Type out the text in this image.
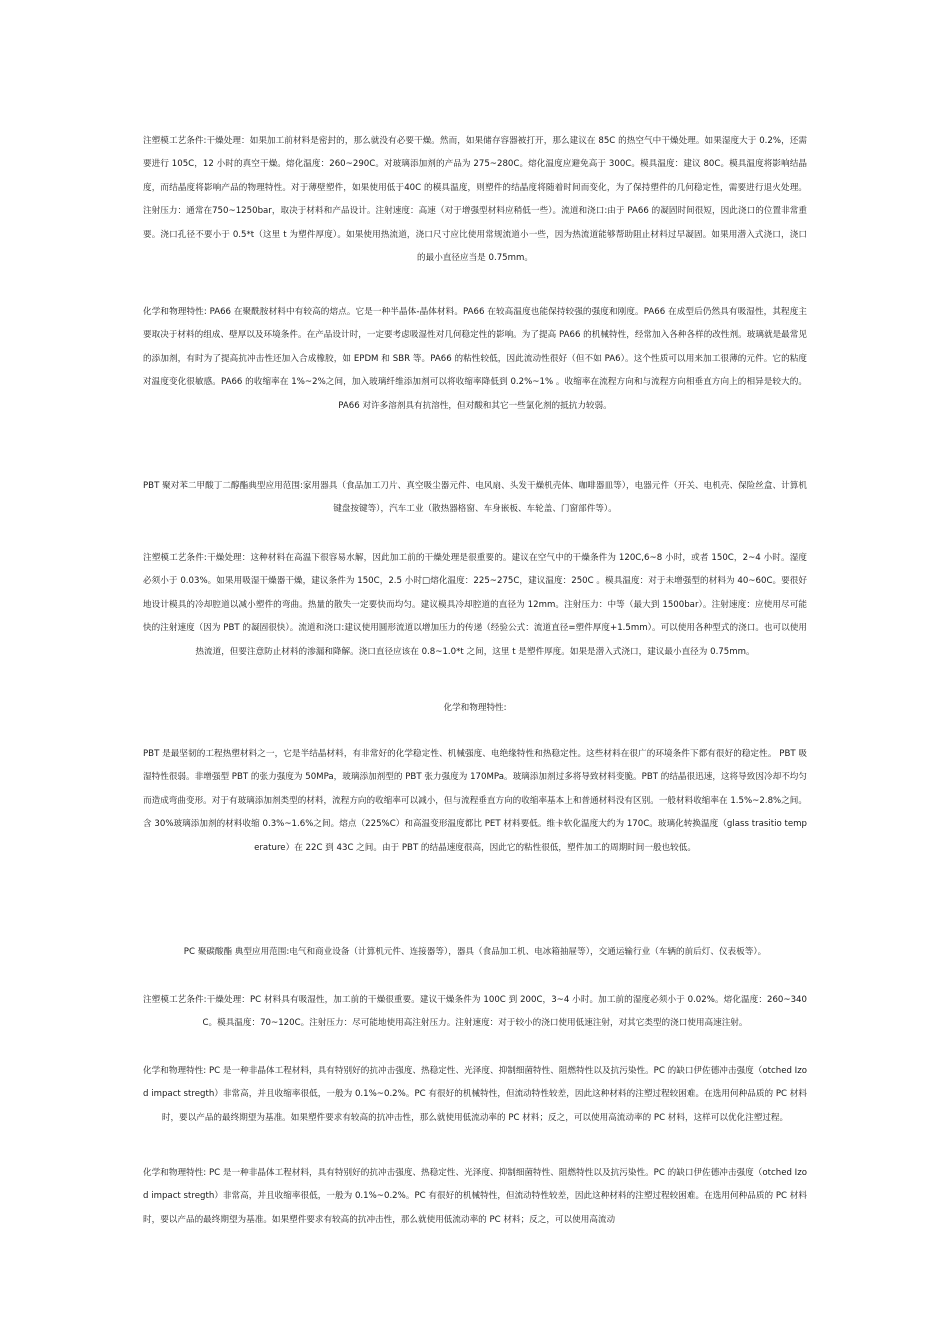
注塑模工艺条件:干燥处理：如果加工前材料是密封的，那么就没有必要干燥。然而，如果储存容器被打开，那么建议在 85C 的热空气中干燥处理。如果湿度大于 0.2%，还需要进行 105C，12 小时的真空干燥。熔化温度：260~290C。对玻璃添加剂的产品为 275~280C。熔化温度应避免高于 300C。模具温度：建议 80C。模具温度将影响结晶度，而结晶度将影响产品的物理特性。对于薄壁塑件，如果使用低于40C 的模具温度，则塑件的结晶度将随着时间而变化，为了保持塑件的几何稳定性，需要进行退火处理。注射压力：通常在750~1250bar，取决于材料和产品设计。注射速度：高速（对于增强型材料应稍低一些）。流道和浇口:由于 PA66 的凝固时间很短，因此浇口的位置非常重要。浇口孔径不要小于 0.5*t（这里 t 为塑件厚度）。如果使用热流道，浇口尺寸应比使用常规流道小一些，因为热流道能够帮助阻止材料过早凝固。如果用潜入式浇口，浇口的最小直径应当是 0.75mm。

化学和物理特性: PA66 在聚酰胺材料中有较高的熔点。它是一种半晶体-晶体材料。PA66 在较高温度也能保持较强的强度和刚度。PA66 在成型后仍然具有吸湿性，其程度主要取决于材料的组成、壁厚以及环境条件。在产品设计时，一定要考虑吸湿性对几何稳定性的影响。为了提高 PA66 的机械特性，经常加入各种各样的改性剂。玻璃就是最常见的添加剂，有时为了提高抗冲击性还加入合成橡胶，如 EPDM 和 SBR 等。PA66 的粘性较低，因此流动性很好（但不如 PA6）。这个性质可以用来加工很薄的元件。它的粘度对温度变化很敏感。PA66 的收缩率在 1%~2%之间，加入玻璃纤维添加剂可以将收缩率降低到 0.2%~1% 。收缩率在流程方向和与流程方向相垂直方向上的相异是较大的。 PA66 对许多溶剂具有抗溶性，但对酸和其它一些氯化剂的抵抗力较弱。

PBT 聚对苯二甲酸丁二醇酯典型应用范围:家用器具（食品加工刀片、真空吸尘器元件、电风扇、头发干燥机壳体、咖啡器皿等），电器元件（开关、电机壳、保险丝盒、计算机键盘按键等），汽车工业（散热器格窗、车身嵌板、车轮盖、门窗部件等）。

注塑模工艺条件:干燥处理：这种材料在高温下很容易水解，因此加工前的干燥处理是很重要的。建议在空气中的干燥条件为 120C,6~8 小时，或者 150C，2~4 小时。湿度必须小于 0.03%。如果用吸湿干燥器干燥，建议条件为 150C，2.5 小时□熔化温度：225~275C，建议温度：250C 。模具温度：对于未增强型的材料为 40~60C。要很好地设计模具的冷却腔道以减小塑件的弯曲。热量的散失一定要快而均匀。建议模具冷却腔道的直径为 12mm。注射压力：中等（最大到 1500bar）。注射速度：应使用尽可能快的注射速度（因为 PBT 的凝固很快）。流道和浇口:建议使用圆形流道以增加压力的传递（经验公式：流道直径=塑件厚度+1.5mm）。可以使用各种型式的浇口。也可以使用热流道，但要注意防止材料的渗漏和降解。浇口直径应该在 0.8~1.0*t 之间，这里 t 是塑件厚度。如果是潜入式浇口，建议最小直径为 0.75mm。

化学和物理特性:

PBT 是最坚韧的工程热塑材料之一，它是半结晶材料，有非常好的化学稳定性、机械强度、电绝缘特性和热稳定性。这些材料在很广的环境条件下都有很好的稳定性。 PBT 吸湿特性很弱。非增强型 PBT 的张力强度为 50MPa，玻璃添加剂型的 PBT 张力强度为 170MPa。玻璃添加剂过多将导致材料变脆。PBT 的结晶很迅速，这将导致因冷却不均匀而造成弯曲变形。对于有玻璃添加剂类型的材料，流程方向的收缩率可以减小，但与流程垂直方向的收缩率基本上和普通材料没有区别。一般材料收缩率在 1.5%~2.8%之间。含 30%玻璃添加剂的材料收缩 0.3%~1.6%之间。熔点（225%C）和高温变形温度都比 PET 材料要低。维卡软化温度大约为 170C。玻璃化转换温度（glass trasitio temperature）在 22C 到 43C 之间。由于 PBT 的结晶速度很高，因此它的粘性很低，塑件加工的周期时间一般也较低。

PC 聚碳酸酯 典型应用范围:电气和商业设备（计算机元件、连接器等），器具（食品加工机、电冰箱抽屉等），交通运输行业（车辆的前后灯、仪表板等）。

注塑模工艺条件:干燥处理：PC 材料具有吸湿性，加工前的干燥很重要。建议干燥条件为 100C 到 200C，3~4 小时。加工前的湿度必须小于 0.02%。熔化温度：260~340C。模具温度：70~120C。注射压力：尽可能地使用高注射压力。注射速度：对于较小的浇口使用低速注射，对其它类型的浇口使用高速注射。

化学和物理特性: PC 是一种非晶体工程材料，具有特别好的抗冲击强度、热稳定性、光泽度、抑制细菌特性、阻燃特性以及抗污染性。PC 的缺口伊佐德冲击强度（otched Izod impact stregth）非常高，并且收缩率很低，一般为 0.1%~0.2%。PC 有很好的机械特性，但流动特性较差，因此这种材料的注塑过程较困难。在选用何种品质的 PC 材料时，要以产品的最终期望为基准。如果塑件要求有较高的抗冲击性，那么就使用低流动率的 PC 材料；反之，可以使用高流动率的 PC 材料，这样可以优化注塑过程。

化学和物理特性: PC 是一种非晶体工程材料，具有特别好的抗冲击强度、热稳定性、光泽度、抑制细菌特性、阻燃特性以及抗污染性。PC 的缺口伊佐德冲击强度（otched Izod impact stregth）非常高，并且收缩率很低，一般为 0.1%~0.2%。PC 有很好的机械特性，但流动特性较差，因此这种材料的注塑过程较困难。在选用何种品质的 PC 材料时，要以产品的最终期望为基准。如果塑件要求有较高的抗冲击性，那么就使用低流动率的 PC 材料；反之，可以使用高流动
